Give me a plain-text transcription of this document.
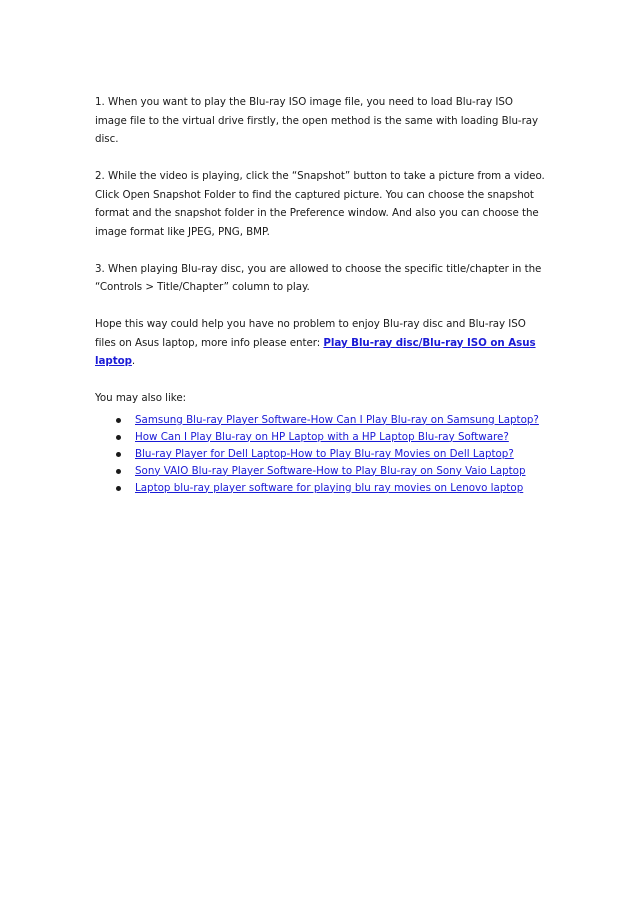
1. When you want to play the Blu-ray ISO image file, you need to load Blu-ray ISO image file to the virtual drive firstly, the open method is the same with loading Blu-ray disc.

2. While the video is playing, click the “Snapshot” button to take a picture from a video. Click Open Snapshot Folder to find the captured picture. You can choose the snapshot format and the snapshot folder in the Preference window. And also you can choose the image format like JPEG, PNG, BMP.

3. When playing Blu-ray disc, you are allowed to choose the specific title/chapter in the “Controls > Title/Chapter” column to play.

Hope this way could help you have no problem to enjoy Blu-ray disc and Blu-ray ISO files on Asus laptop, more info please enter: Play Blu-ray disc/Blu-ray ISO on Asus laptop.

You may also like:

Samsung Blu-ray Player Software-How Can I Play Blu-ray on Samsung Laptop?
How Can I Play Blu-ray on HP Laptop with a HP Laptop Blu-ray Software?
Blu-ray Player for Dell Laptop-How to Play Blu-ray Movies on Dell Laptop?
Sony VAIO Blu-ray Player Software-How to Play Blu-ray on Sony Vaio Laptop
Laptop blu-ray player software for playing blu ray movies on Lenovo laptop
